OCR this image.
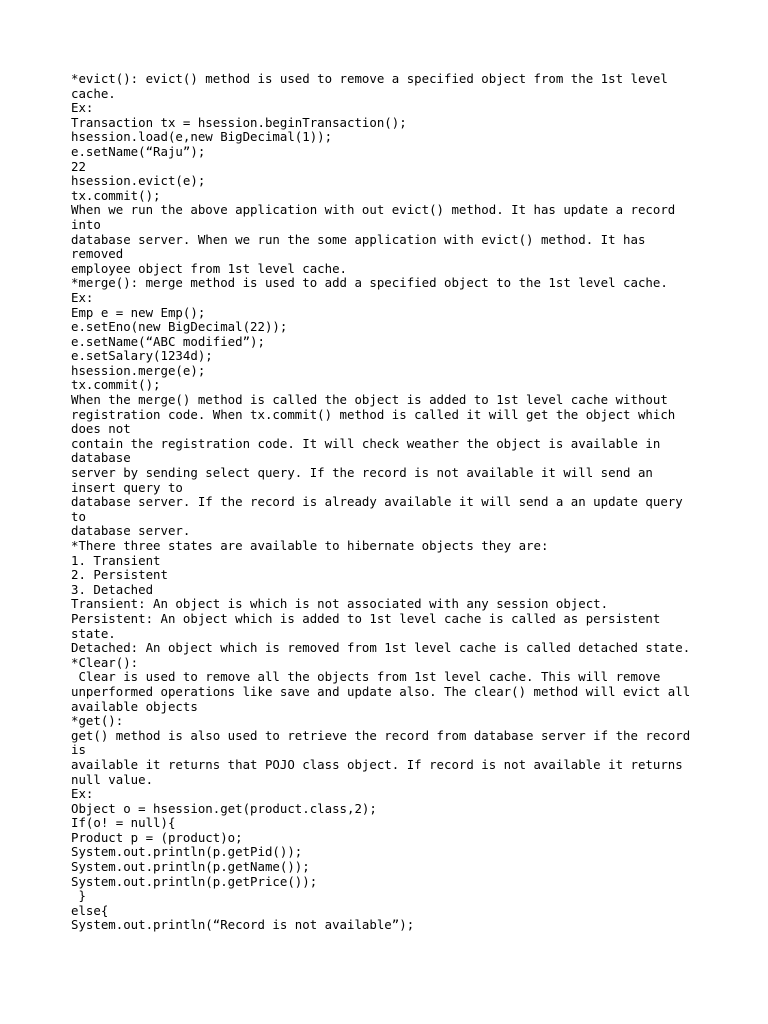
*evict(): evict() method is used to remove a specified object from the 1st level
cache.
Ex:
Transaction tx = hsession.beginTransaction();
hsession.load(e,new BigDecimal(1));
e.setName(“Raju”);
22
hsession.evict(e);
tx.commit();
When we run the above application with out evict() method. It has update a record
into
database server. When we run the some application with evict() method. It has
removed
employee object from 1st level cache.
*merge(): merge method is used to add a specified object to the 1st level cache.
Ex:
Emp e = new Emp();
e.setEno(new BigDecimal(22));
e.setName(“ABC modified”);
e.setSalary(1234d);
hsession.merge(e);
tx.commit();
When the merge() method is called the object is added to 1st level cache without
registration code. When tx.commit() method is called it will get the object which
does not
contain the registration code. It will check weather the object is available in
database
server by sending select query. If the record is not available it will send an
insert query to
database server. If the record is already available it will send a an update query
to
database server.
*There three states are available to hibernate objects they are:
1. Transient
2. Persistent
3. Detached
Transient: An object is which is not associated with any session object.
Persistent: An object which is added to 1st level cache is called as persistent
state.
Detached: An object which is removed from 1st level cache is called detached state.
*Clear():
Clear is used to remove all the objects from 1st level cache. This will remove
unperformed operations like save and update also. The clear() method will evict all
available objects
*get():
get() method is also used to retrieve the record from database server if the record
is
available it returns that POJO class object. If record is not available it returns
null value.
Ex:
Object o = hsession.get(product.class,2);
If(o! = null){
Product p = (product)o;
System.out.println(p.getPid());
System.out.println(p.getName());
System.out.println(p.getPrice());
}
else{
System.out.println(“Record is not available”);
